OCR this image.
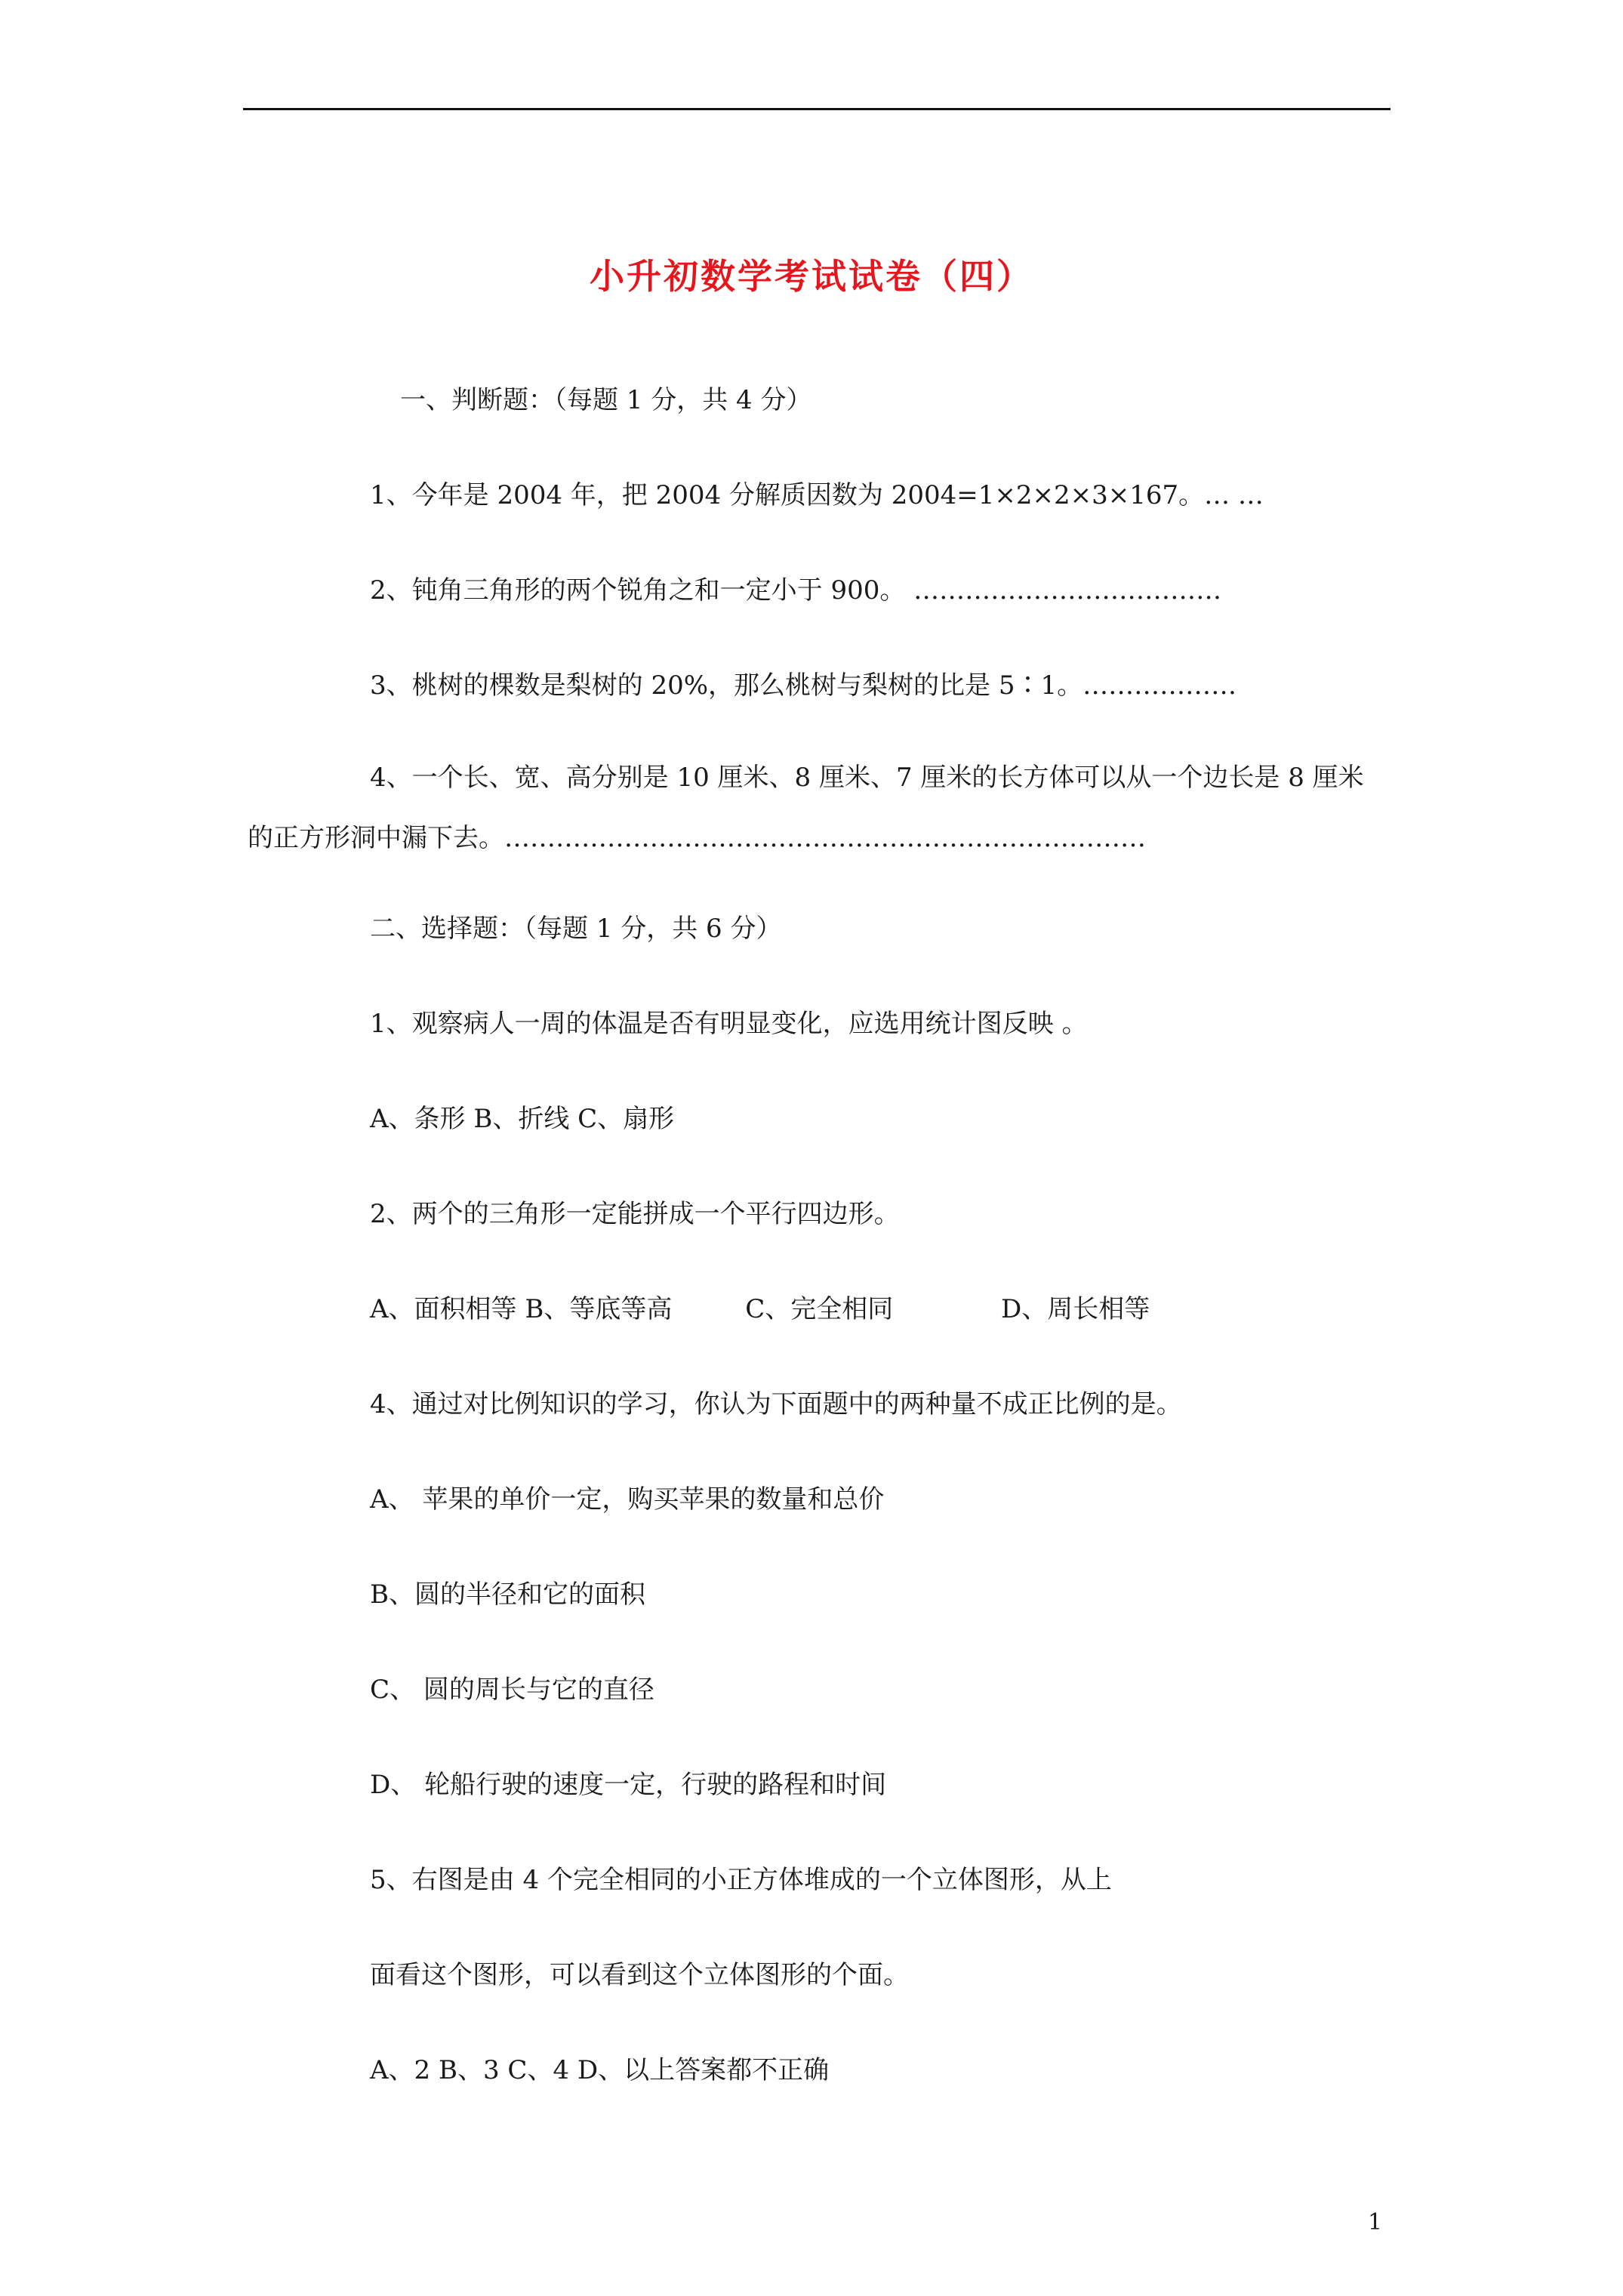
小升初数学考试试卷（四）
一、判断题：（每题 1 分，共 4 分）
1、今年是 2004 年，把 2004 分解质因数为 2004=1×2×2×3×167。… …
2、钝角三角形的两个锐角之和一定小于 900。 ………………………………
3、桃树的棵数是梨树的 20%，那么桃树与梨树的比是 5∶1。………………
4、一个长、宽、高分别是 10 厘米、8 厘米、7 厘米的长方体可以从一个边长是 8 厘米的正方形洞中漏下去。…………………………………………………………………
二、选择题：（每题 1 分，共 6 分）
1、观察病人一周的体温是否有明显变化，应选用统计图反映 。
A、条形 B、折线 C、扇形
2、两个的三角形一定能拼成一个平行四边形。
A、面积相等 B、等底等高	C、完全相同	D、周长相等
4、通过对比例知识的学习，你认为下面题中的两种量不成正比例的是。
A、 苹果的单价一定，购买苹果的数量和总价
B、圆的半径和它的面积
C、 圆的周长与它的直径
D、 轮船行驶的速度一定，行驶的路程和时间
5、右图是由 4 个完全相同的小正方体堆成的一个立体图形，从上
面看这个图形，可以看到这个立体图形的个面。
A、2 B、3 C、4 D、以上答案都不正确
1
